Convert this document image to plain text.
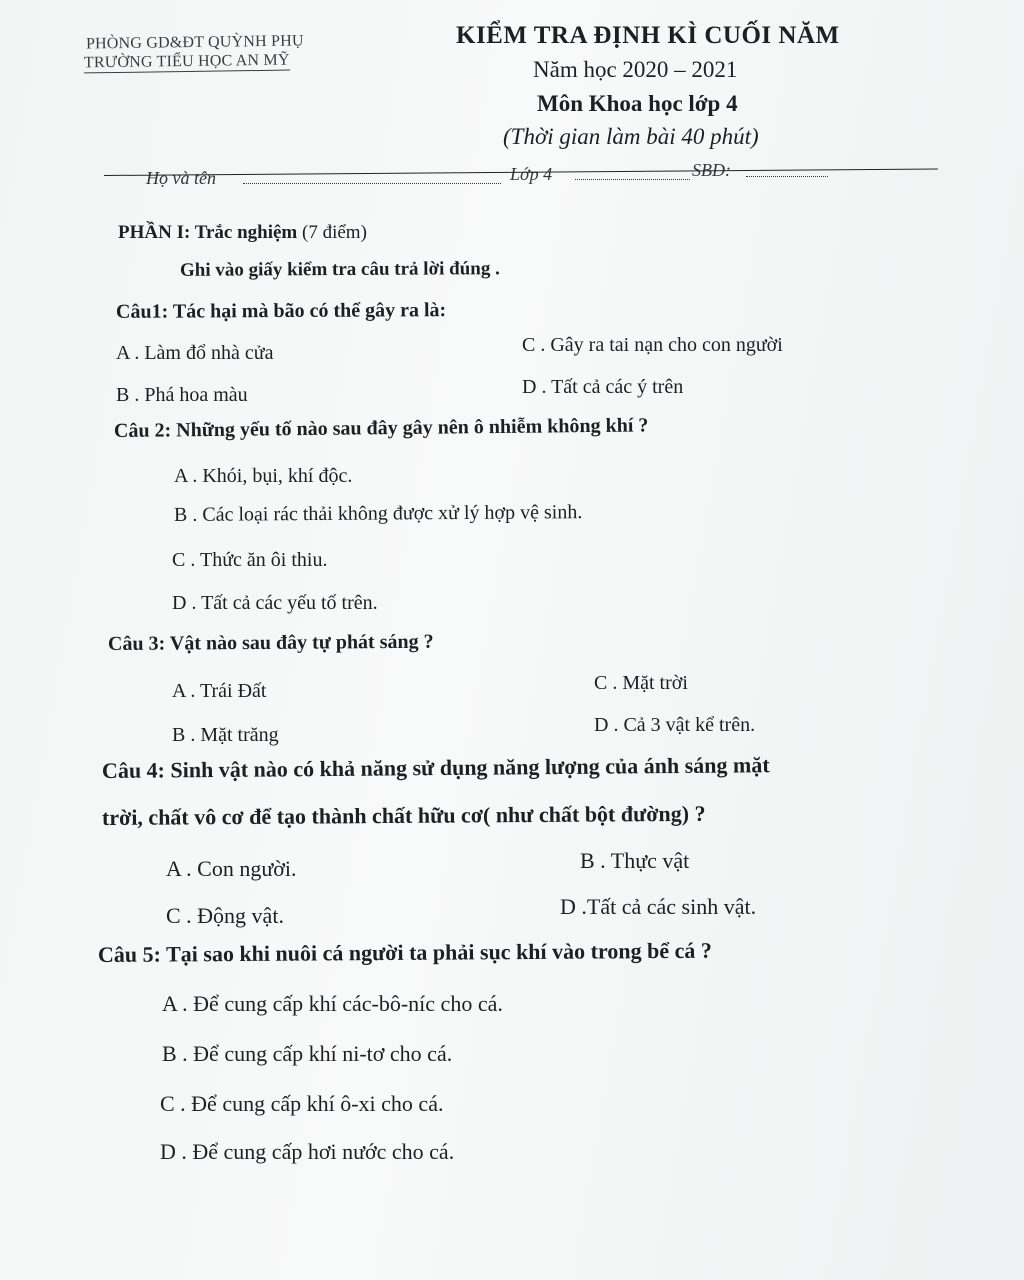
PHÒNG GD&ĐT QUỲNH PHỤ
TRƯỜNG TIỂU HỌC AN MỸ
KIỂM TRA ĐỊNH KÌ CUỐI NĂM
Năm học 2020 – 2021
Môn Khoa học lớp 4
(Thời gian làm bài 40 phút)
Họ và tên	Lớp 4	SBD:
PHẦN I: Trắc nghiệm (7 điểm)
Ghi vào giấy kiểm tra câu trả lời đúng .
Câu1: Tác hại mà bão có thể gây ra là:
A . Làm đổ nhà cửa
B . Phá hoa màu
C . Gây ra tai nạn cho con người
D . Tất cả các ý trên
Câu 2: Những yếu tố nào sau đây gây nên ô nhiễm không khí ?
A . Khói, bụi, khí độc.
B . Các loại rác thải không được xử lý hợp vệ sinh.
C . Thức ăn ôi thiu.
D . Tất cả các yếu tố trên.
Câu 3: Vật nào sau đây tự phát sáng ?
A . Trái Đất
B . Mặt trăng
C . Mặt trời
D . Cả 3 vật kể trên.
Câu 4: Sinh vật nào có khả năng sử dụng năng lượng của ánh sáng mặt
trời, chất vô cơ để tạo thành chất hữu cơ( như chất bột đường) ?
A . Con người.
C . Động vật.
B . Thực vật
D .Tất cả các sinh vật.
Câu 5: Tại sao khi nuôi cá người ta phải sục khí vào trong bể cá ?
A . Để cung cấp khí các-bô-níc cho cá.
B . Để cung cấp khí ni-tơ cho cá.
C . Để cung cấp khí ô-xi cho cá.
D . Để cung cấp hơi nước cho cá.
